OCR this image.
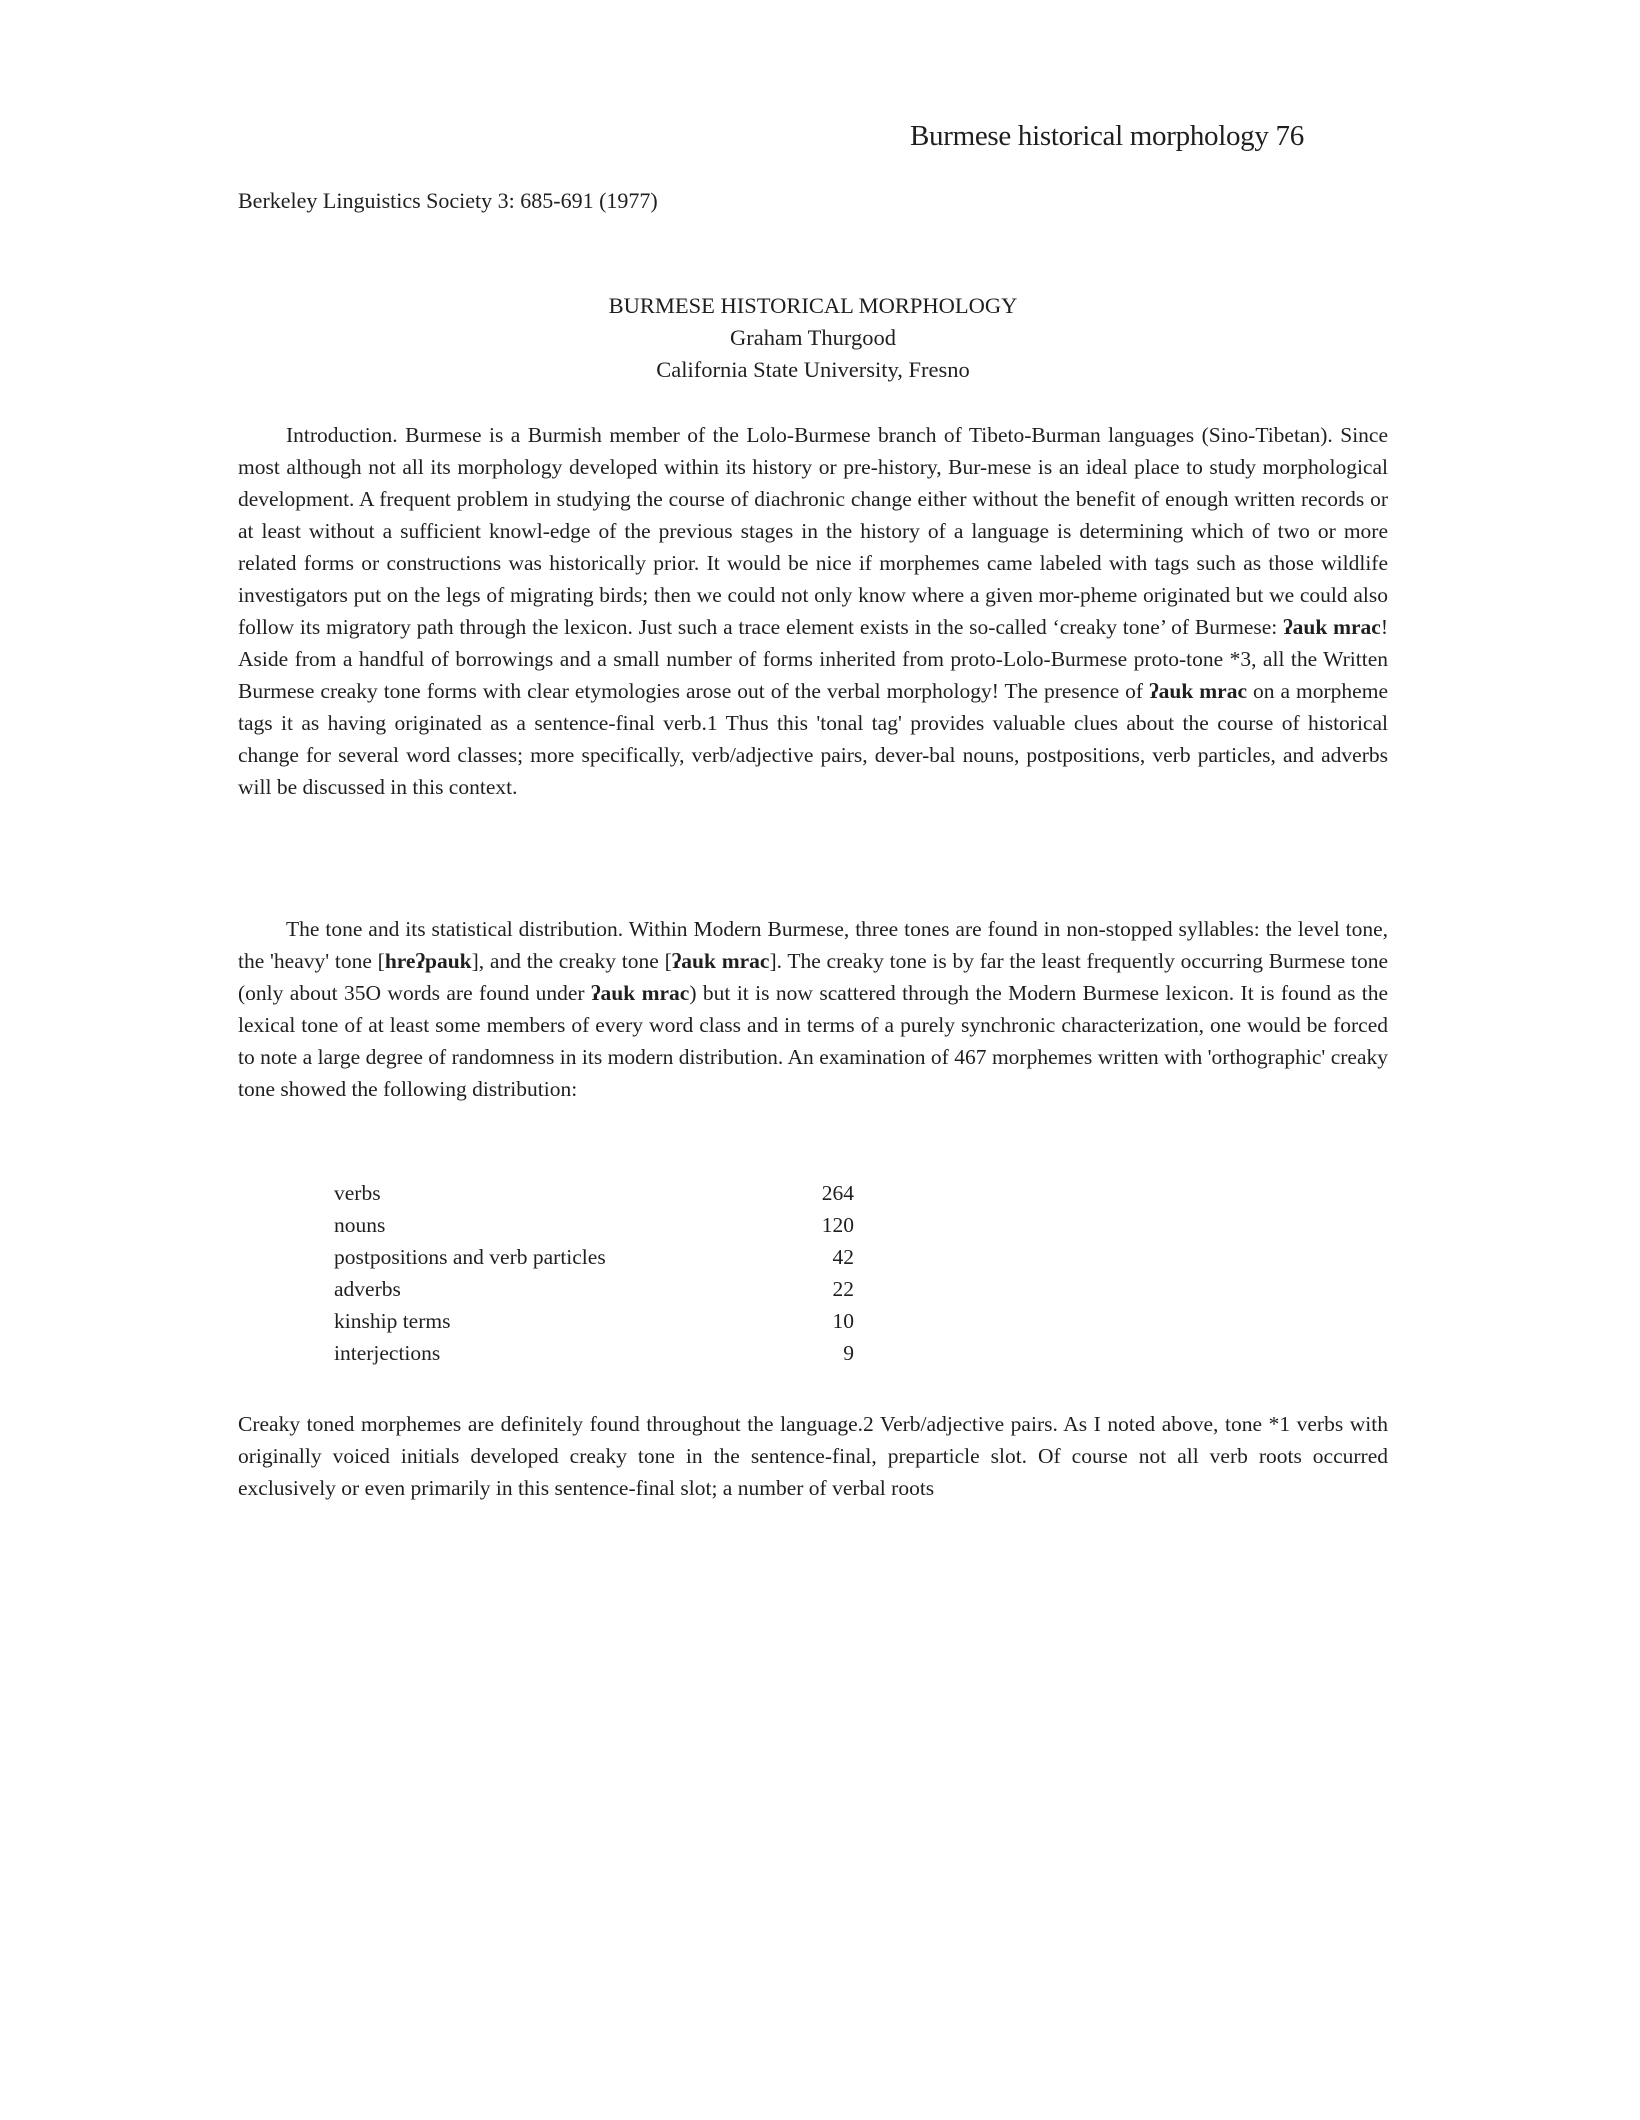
Burmese historical morphology 76
Berkeley Linguistics Society 3: 685-691 (1977)
BURMESE HISTORICAL MORPHOLOGY
Graham Thurgood
California State University, Fresno

Introduction. Burmese is a Burmish member of the Lolo-Burmese branch of Tibeto-Burman languages (Sino-Tibetan). Since most although not all its morphology developed within its history or pre-history, Bur-mese is an ideal place to study morphological development. A frequent problem in studying the course of diachronic change either without the benefit of enough written records or at least without a sufficient knowl-edge of the previous stages in the history of a language is determining which of two or more related forms or constructions was historically prior. It would be nice if morphemes came labeled with tags such as those wildlife investigators put on the legs of migrating birds; then we could not only know where a given mor-pheme originated but we could also follow its migratory path through the lexicon. Just such a trace element exists in the so-called ‘creaky tone’ of Burmese: ʔauk mrac! Aside from a handful of borrowings and a small number of forms inherited from proto-Lolo-Burmese proto-tone *3, all the Written Burmese creaky tone forms with clear etymologies arose out of the verbal morphology! The presence of ʔauk mrac on a morpheme tags it as having originated as a sentence-final verb.1 Thus this 'tonal tag' provides valuable clues about the course of historical change for several word classes; more specifically, verb/adjective pairs, dever-bal nouns, postpositions, verb particles, and adverbs will be discussed in this context.

The tone and its statistical distribution. Within Modern Burmese, three tones are found in non-stopped syllables: the level tone, the 'heavy' tone [hreʔpauk], and the creaky tone [ʔauk mrac]. The creaky tone is by far the least frequently occurring Burmese tone (only about 35O words are found under ʔauk mrac) but it is now scattered through the Modern Burmese lexicon. It is found as the lexical tone of at least some members of every word class and in terms of a purely synchronic characterization, one would be forced to note a large degree of randomness in its modern distribution. An examination of 467 morphemes written with 'orthographic' creaky tone showed the following distribution:

verbs	264
nouns	120
postpositions and verb particles	42
adverbs	22
kinship terms	10
interjections	9

Creaky toned morphemes are definitely found throughout the language.2 Verb/adjective pairs. As I noted above, tone *1 verbs with originally voiced initials developed creaky tone in the sentence-final, preparticle slot. Of course not all verb roots occurred exclusively or even primarily in this sentence-final slot; a number of verbal roots
